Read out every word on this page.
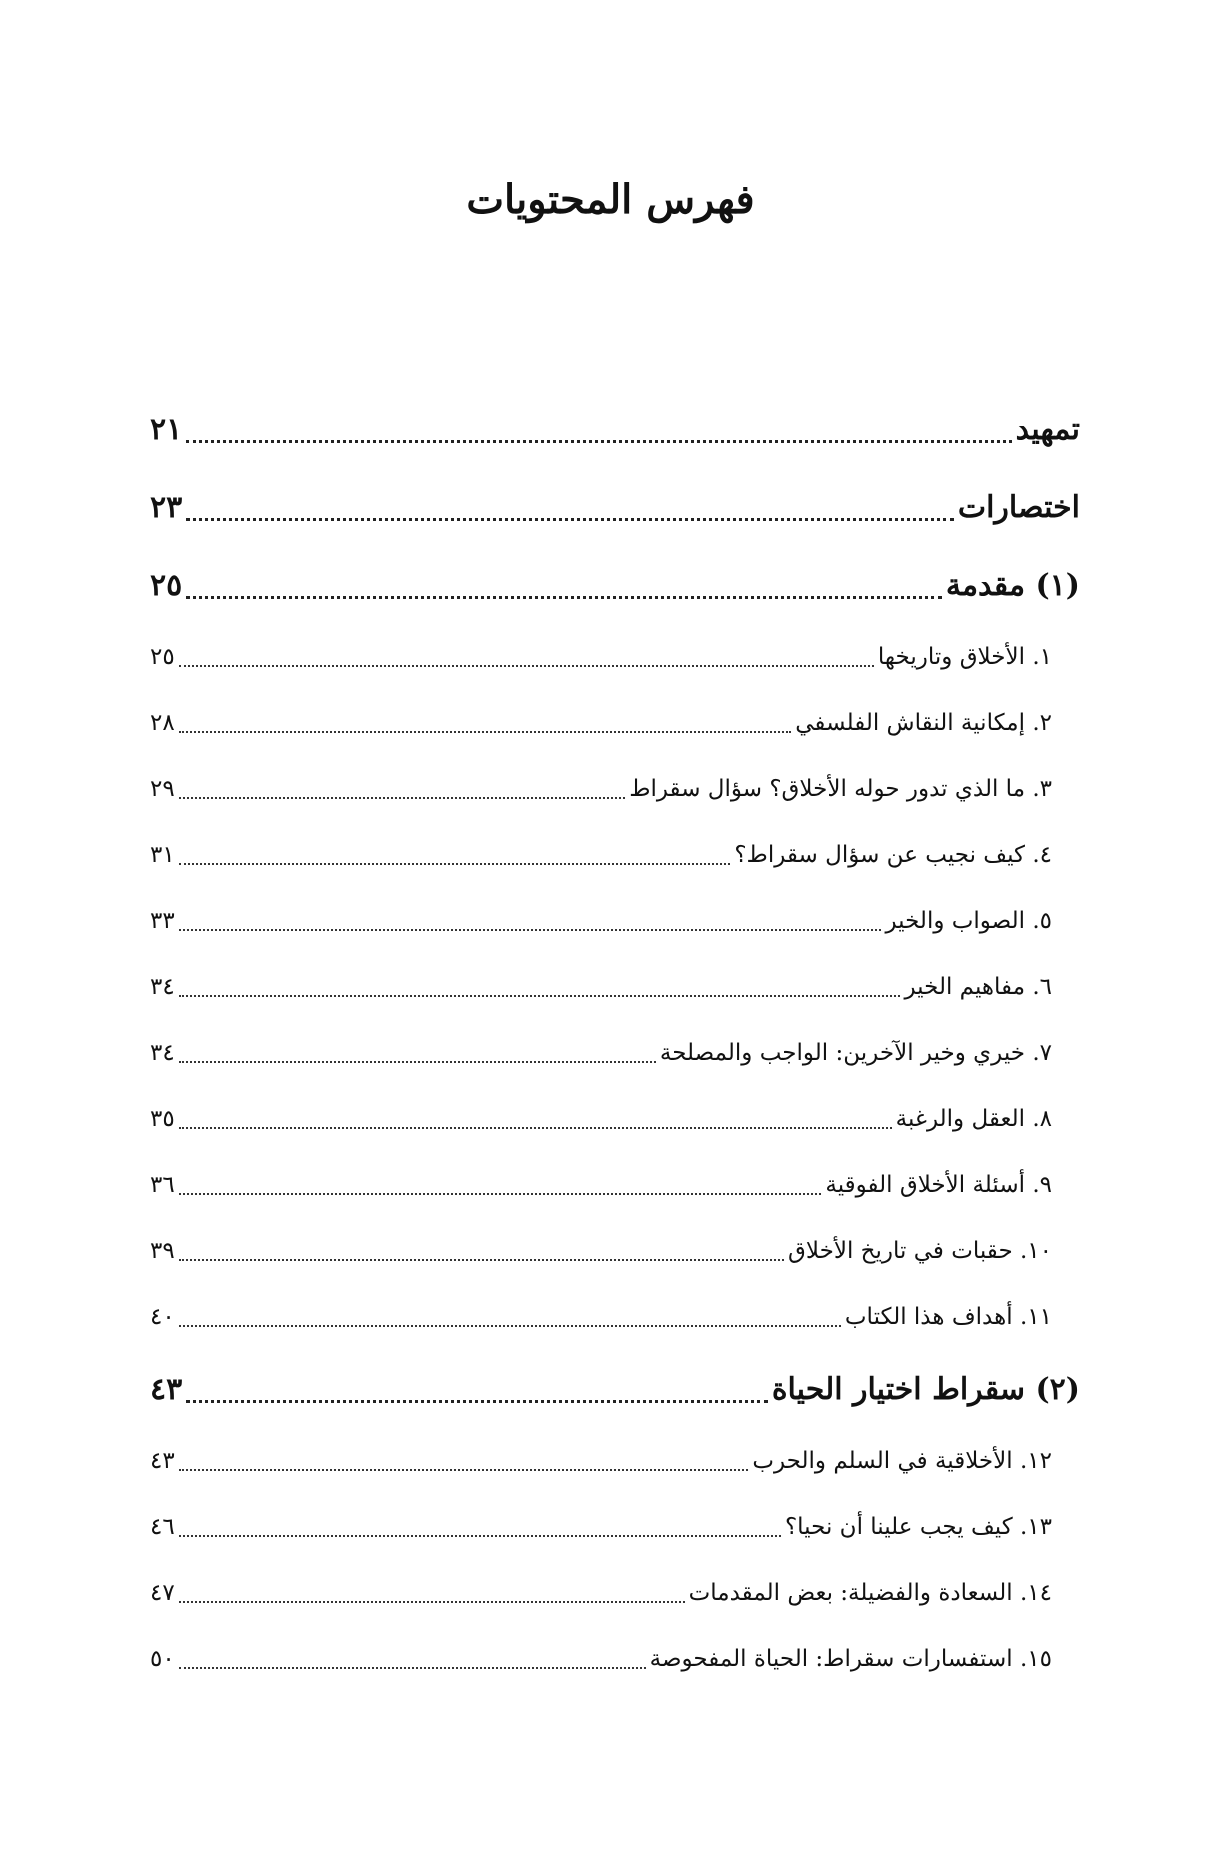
فهرس المحتويات
تمهيد
٢١
اختصارات
٢٣
(١) مقدمة
٢٥
١. الأخلاق وتاريخها
٢٥
٢. إمكانية النقاش الفلسفي
٢٨
٣. ما الذي تدور حوله الأخلاق؟ سؤال سقراط
٢٩
٤. كيف نجيب عن سؤال سقراط؟
٣١
٥. الصواب والخير
٣٣
٦. مفاهيم الخير
٣٤
٧. خيري وخير الآخرين: الواجب والمصلحة
٣٤
٨. العقل والرغبة
٣٥
٩. أسئلة الأخلاق الفوقية
٣٦
١٠. حقبات في تاريخ الأخلاق
٣٩
١١. أهداف هذا الكتاب
٤٠
(٢) سقراط اختيار الحياة
٤٣
١٢. الأخلاقية في السلم والحرب
٤٣
١٣. كيف يجب علينا أن نحيا؟
٤٦
١٤. السعادة والفضيلة: بعض المقدمات
٤٧
١٥. استفسارات سقراط: الحياة المفحوصة
٥٠
